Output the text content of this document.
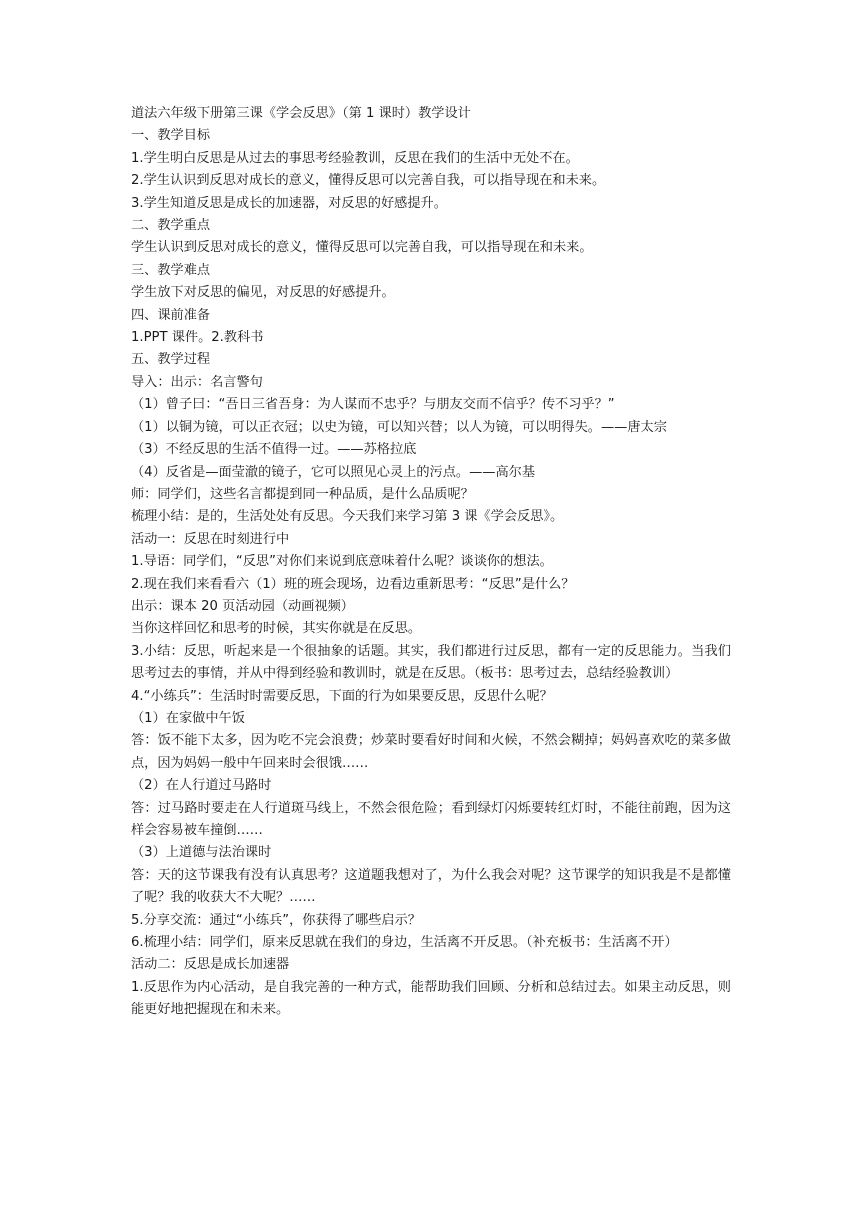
道法六年级下册第三课《学会反思》（第 1 课时）教学设计

一、教学目标

1.学生明白反思是从过去的事思考经验教训，反思在我们的生活中无处不在。

2.学生认识到反思对成长的意义，懂得反思可以完善自我，可以指导现在和未来。

3.学生知道反思是成长的加速器，对反思的好感提升。

二、教学重点

学生认识到反思对成长的意义，懂得反思可以完善自我，可以指导现在和未来。

三、教学难点

学生放下对反思的偏见，对反思的好感提升。

四、课前准备

1.PPT 课件。2.教科书

五、教学过程

导入：出示：名言警句

（1）曾子曰：“吾日三省吾身：为人谋而不忠乎？与朋友交而不信乎？传不习乎？”

（1）以铜为镜，可以正衣冠；以史为镜，可以知兴替；以人为镜，可以明得失。——唐太宗

（3）不经反思的生活不值得一过。——苏格拉底

（4）反省是—面莹澈的镜子，它可以照见心灵上的污点。——高尔基

师：同学们，这些名言都提到同一种品质，是什么品质呢？

梳理小结：是的，生活处处有反思。今天我们来学习第 3 课《学会反思》。

活动一：反思在时刻进行中

1.导语：同学们，“反思”对你们来说到底意味着什么呢？谈谈你的想法。

2.现在我们来看看六（1）班的班会现场，边看边重新思考：“反思”是什么？

出示：课本 20 页活动园（动画视频）

当你这样回忆和思考的时候，其实你就是在反思。

3.小结：反思，听起来是一个很抽象的话题。其实，我们都进行过反思，都有一定的反思能力。当我们思考过去的事情，并从中得到经验和教训时，就是在反思。（板书：思考过去，总结经验教训）

4.“小练兵”：生活时时需要反思，下面的行为如果要反思，反思什么呢？

（1）在家做中午饭

答：饭不能下太多，因为吃不完会浪费；炒菜时要看好时间和火候，不然会糊掉；妈妈喜欢吃的菜多做点，因为妈妈一般中午回来时会很饿……

（2）在人行道过马路时

答：过马路时要走在人行道斑马线上，不然会很危险；看到绿灯闪烁要转红灯时，不能往前跑，因为这样会容易被车撞倒……

（3）上道德与法治课时

答：天的这节课我有没有认真思考？这道题我想对了，为什么我会对呢？这节课学的知识我是不是都懂了呢？我的收获大不大呢？……

5.分享交流：通过“小练兵”，你获得了哪些启示？

6.梳理小结：同学们，原来反思就在我们的身边，生活离不开反思。（补充板书：生活离不开）

活动二：反思是成长加速器

1.反思作为内心活动，是自我完善的一种方式，能帮助我们回顾、分析和总结过去。如果主动反思，则能更好地把握现在和未来。
